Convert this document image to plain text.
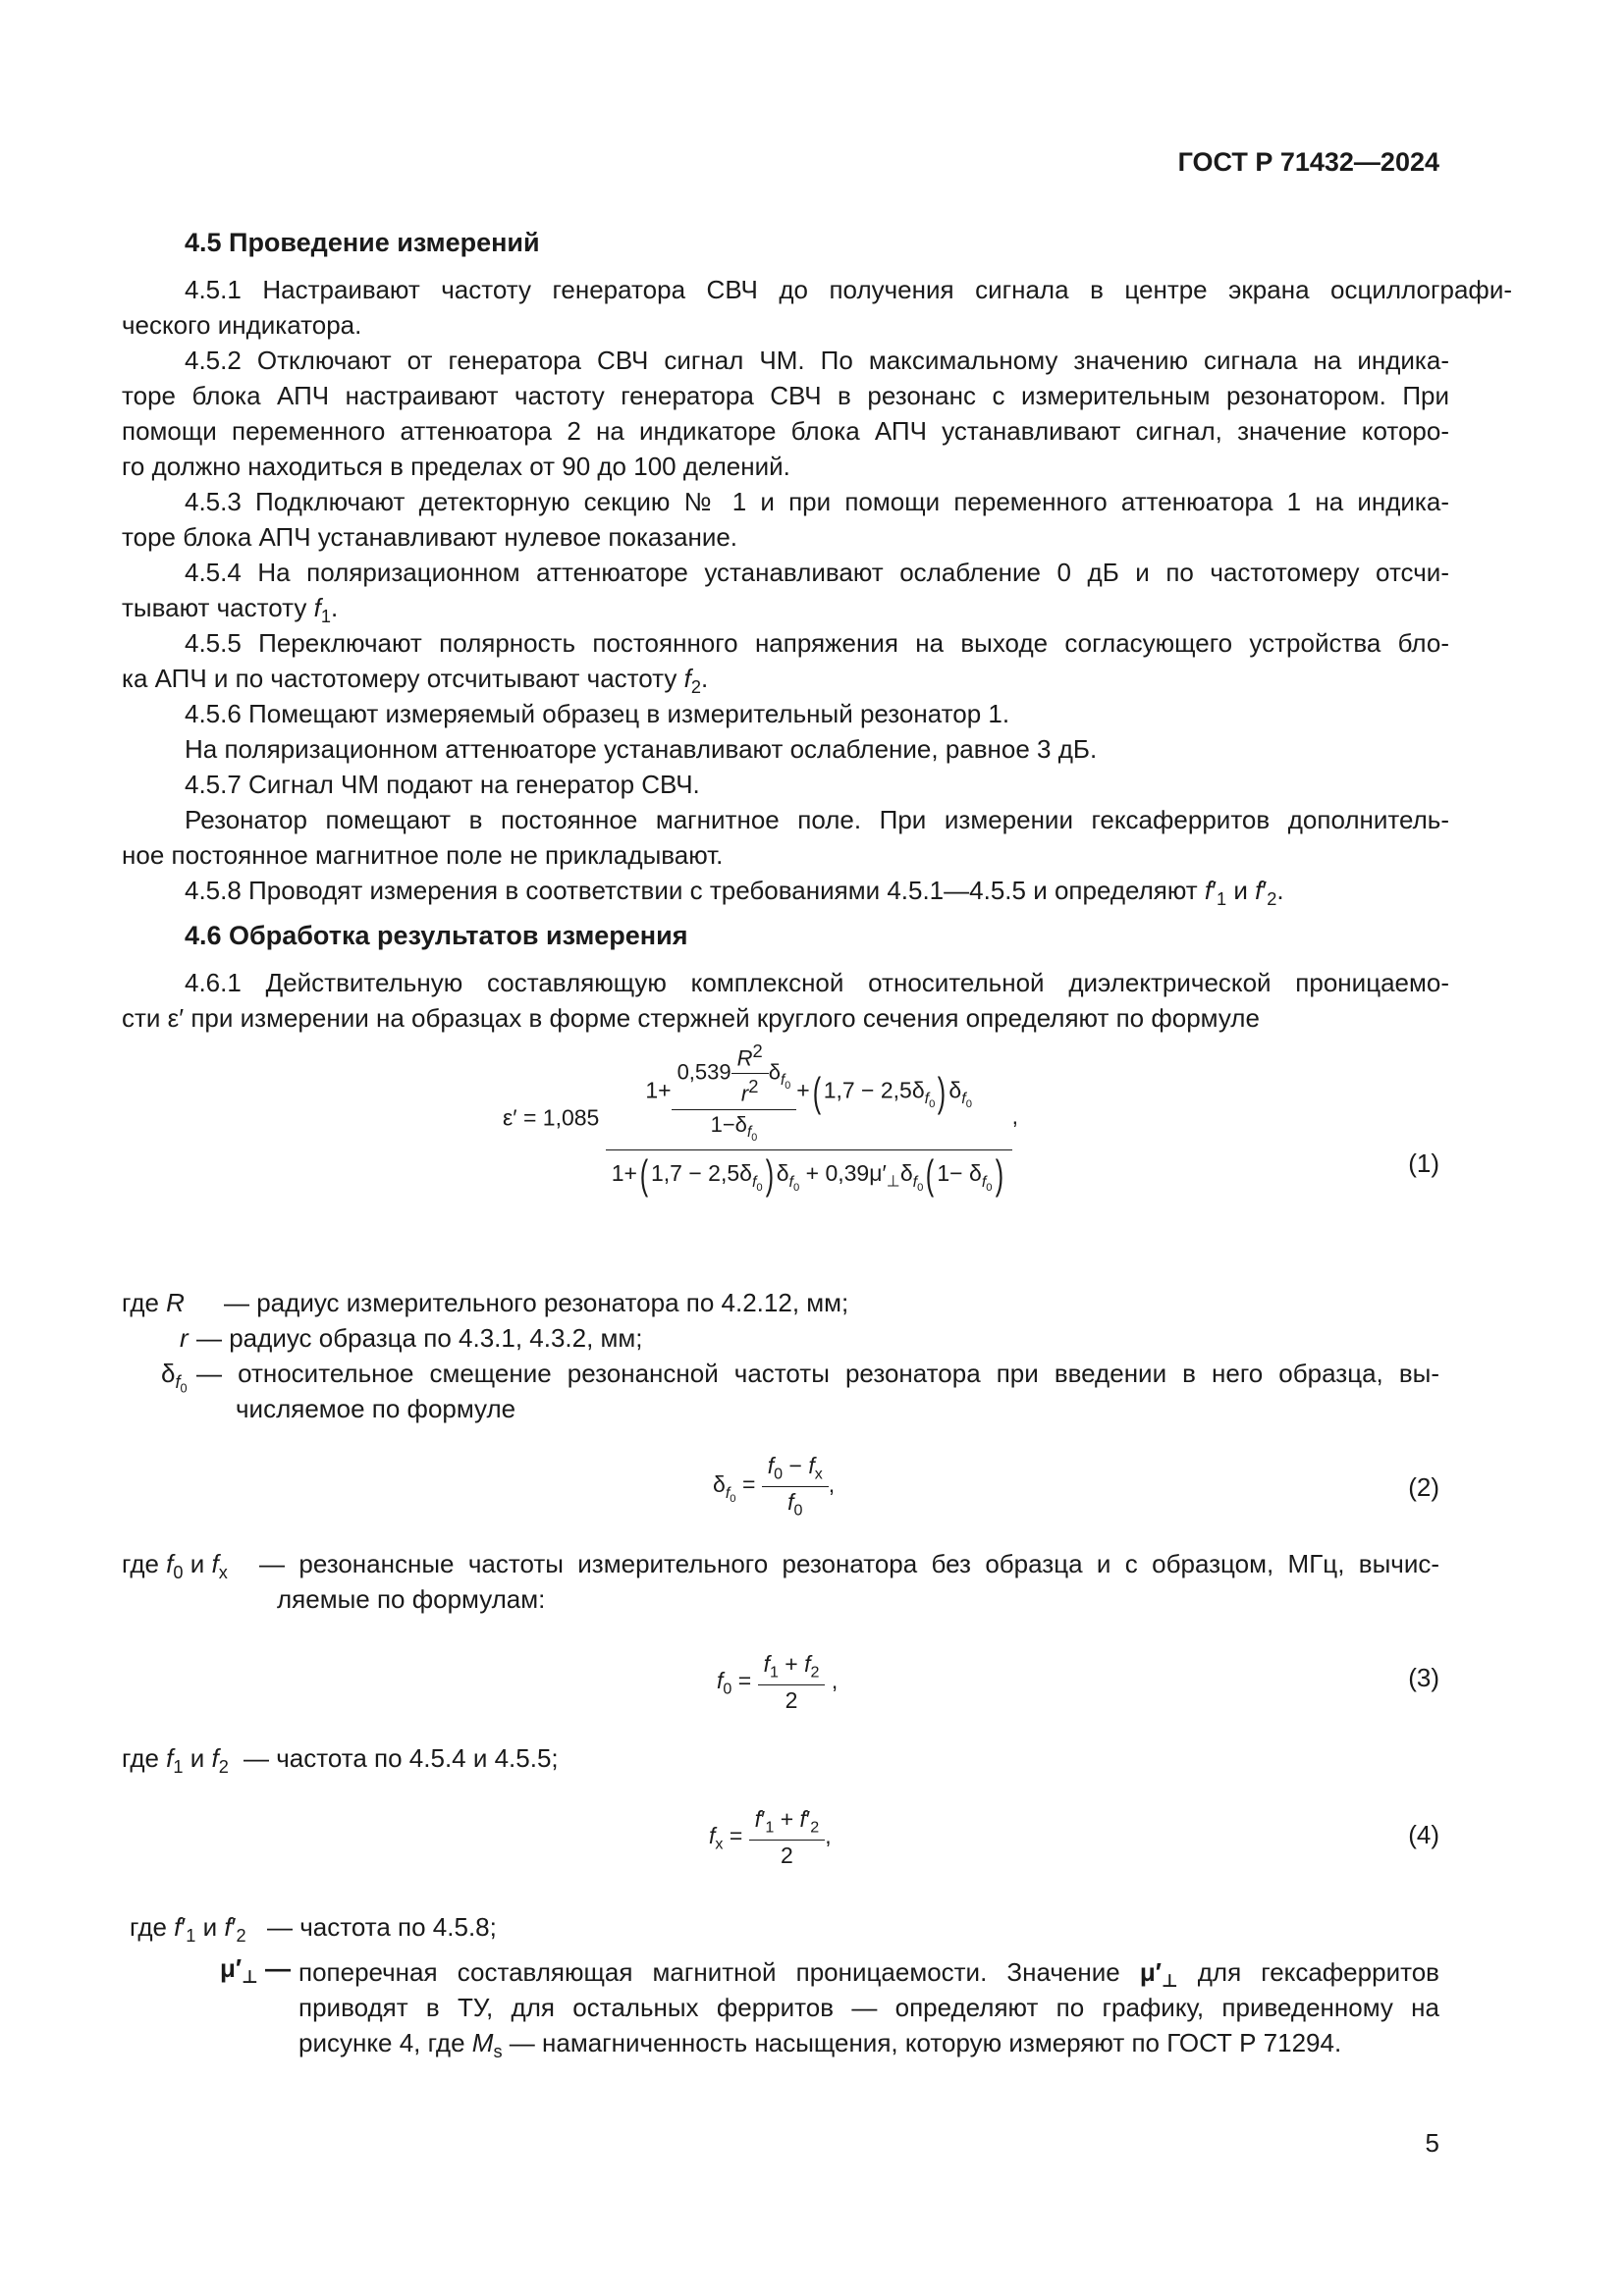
ГОСТ Р 71432—2024
4.5 Проведение измерений
4.5.1 Настраивают частоту генератора СВЧ до получения сигнала в центре экрана осциллографи-
ческого индикатора.
4.5.2 Отключают от генератора СВЧ сигнал ЧМ. По максимальному значению сигнала на индика-
торе блока АПЧ настраивают частоту генератора СВЧ в резонанс с измерительным резонатором. При
помощи переменного аттенюатора 2 на индикаторе блока АПЧ устанавливают сигнал, значение которо-
го должно находиться в пределах от 90 до 100 делений.
4.5.3 Подключают детекторную секцию № 1 и при помощи переменного аттенюатора 1 на индика-
торе блока АПЧ устанавливают нулевое показание.
4.5.4 На поляризационном аттенюаторе устанавливают ослабление 0 дБ и по частотомеру отсчи-
тывают частоту $f_1$.
4.5.5 Переключают полярность постоянного напряжения на выходе согласующего устройства бло-
ка АПЧ и по частотомеру отсчитывают частоту $f_2$.
4.5.6 Помещают измеряемый образец в измерительный резонатор 1.
На поляризационном аттенюаторе устанавливают ослабление, равное 3 дБ.
4.5.7 Сигнал ЧМ подают на генератор СВЧ.
Резонатор помещают в постоянное магнитное поле. При измерении гексаферритов дополнитель-
ное постоянное магнитное поле не прикладывают.
4.5.8 Проводят измерения в соответствии с требованиями 4.5.1—4.5.5 и определяют $f'_1$ и $f'_2$.
4.6 Обработка результатов измерения
4.6.1 Действительную составляющую комплексной относительной диэлектрической проницаемо-
сти ε′ при измерении на образцах в форме стержней круглого сечения определяют по формуле
$\varepsilon' = 1,085 \frac{1+ \frac{0,539 \frac{R^2}{r^2} \delta_{f_0}}{1-\delta_{f_0}} +( 1,7 - 2,5\delta_{f_0}) \delta_{f_0}}{1+( 1,7 - 2,5\delta_{f_0}) \delta_{f_0} + 0,39\mu'_\perp\delta_{f_0}( 1- \delta_{f_0})}$ ,
(1)
где R — радиус измерительного резонатора по 4.2.12, мм;
r — радиус образца по 4.3.1, 4.3.2, мм;
$\delta_{f_0}$
— относительное смещение резонансной частоты резонатора при введении в него образца, вы-
числяемое по формуле
$\delta_{f_0} = \frac{f_0 - f_x}{f_0}$ ,	(2)
где $f_0$ и $f_x$ — резонансные частоты измерительного резонатора без образца и с образцом, МГц, вычис-
ляемые по формулам:
$f_0 = \frac{f_1 + f_2}{2}$ ,	(3)
где $f_1$ и $f_2$ — частота по 4.5.4 и 4.5.5;
$f_x = \frac{f'_1 + f'_2}{2}$ ,	(4)
где $f'_1$ и $f'_2$ — частота по 4.5.8;
$\mu'_\perp$ — поперечная составляющая магнитной проницаемости. Значение $\mu'_\perp$ для гексаферритов
приводят в ТУ, для остальных ферритов — определяют по графику, приведенному на
рисунке 4, где $M_s$ — намагниченность насыщения, которую измеряют по ГОСТ Р 71294.
5
